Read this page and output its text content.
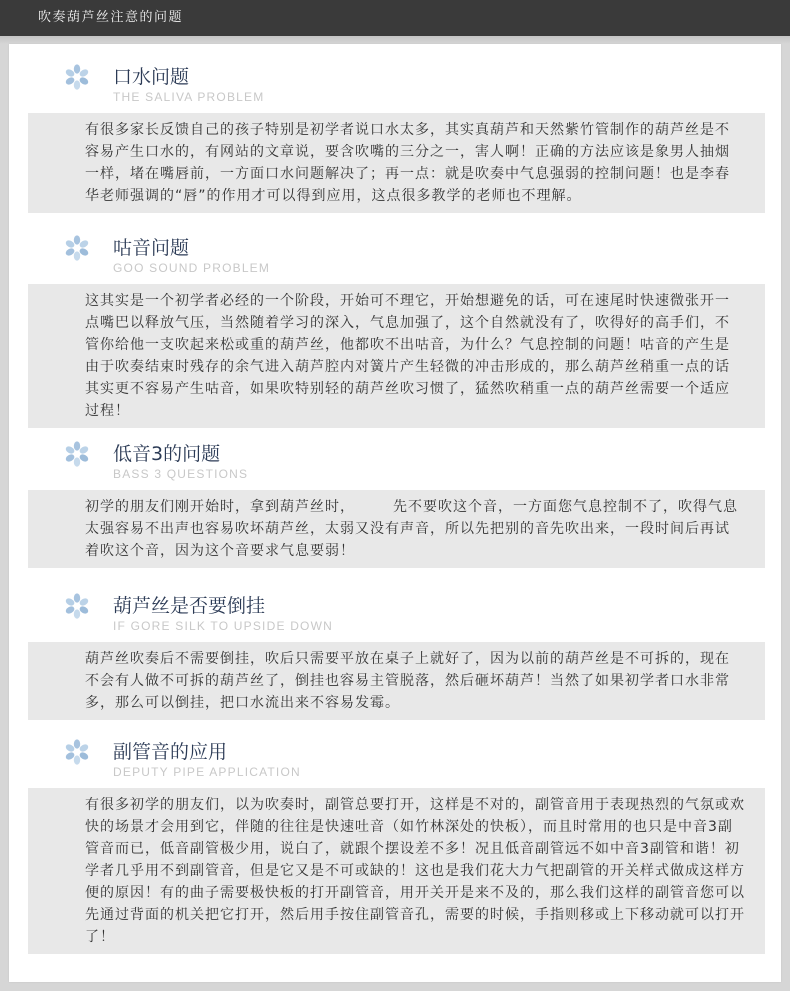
吹奏葫芦丝注意的问题
口水问题
THE SALIVA PROBLEM
有很多家长反馈自己的孩子特别是初学者说口水太多，其实真葫芦和天然紫竹管制作的葫芦丝是不
容易产生口水的，有网站的文章说，要含吹嘴的三分之一，害人啊！正确的方法应该是象男人抽烟
一样，堵在嘴唇前，一方面口水问题解决了；再一点：就是吹奏中气息强弱的控制问题！也是李春
华老师强调的“唇”的作用才可以得到应用，这点很多教学的老师也不理解。
咕音问题
GOO SOUND PROBLEM
这其实是一个初学者必经的一个阶段，开始可不理它，开始想避免的话，可在速尾时快速微张开一
点嘴巴以释放气压，当然随着学习的深入，气息加强了，这个自然就没有了，吹得好的高手们，不
管你给他一支吹起来松或重的葫芦丝，他都吹不出咕音，为什么？气息控制的问题！咕音的产生是
由于吹奏结束时残存的余气进入葫芦腔内对簧片产生轻微的冲击形成的，那么葫芦丝稍重一点的话
其实更不容易产生咕音，如果吹特别轻的葫芦丝吹习惯了，猛然吹稍重一点的葫芦丝需要一个适应
过程！
低音3的问题
BASS 3 QUESTIONS
初学的朋友们刚开始时，拿到葫芦丝时，　　　先不要吹这个音，一方面您气息控制不了，吹得气息
太强容易不出声也容易吹坏葫芦丝，太弱又没有声音，所以先把别的音先吹出来，一段时间后再试
着吹这个音，因为这个音要求气息要弱！
葫芦丝是否要倒挂
IF GORE SILK TO UPSIDE DOWN
葫芦丝吹奏后不需要倒挂，吹后只需要平放在桌子上就好了，因为以前的葫芦丝是不可拆的，现在
不会有人做不可拆的葫芦丝了，倒挂也容易主管脱落，然后砸坏葫芦！当然了如果初学者口水非常
多，那么可以倒挂，把口水流出来不容易发霉。
副管音的应用
DEPUTY PIPE APPLICATION
有很多初学的朋友们，以为吹奏时，副管总要打开，这样是不对的，副管音用于表现热烈的气氛或欢
快的场景才会用到它，伴随的往往是快速吐音（如竹林深处的快板），而且时常用的也只是中音3副
管音而已，低音副管极少用，说白了，就跟个摆设差不多！况且低音副管远不如中音3副管和谐！初
学者几乎用不到副管音，但是它又是不可或缺的！这也是我们花大力气把副管的开关样式做成这样方
便的原因！有的曲子需要极快板的打开副管音，用开关开是来不及的，那么我们这样的副管音您可以
先通过背面的机关把它打开，然后用手按住副管音孔，需要的时候，手指则移或上下移动就可以打开
了！
